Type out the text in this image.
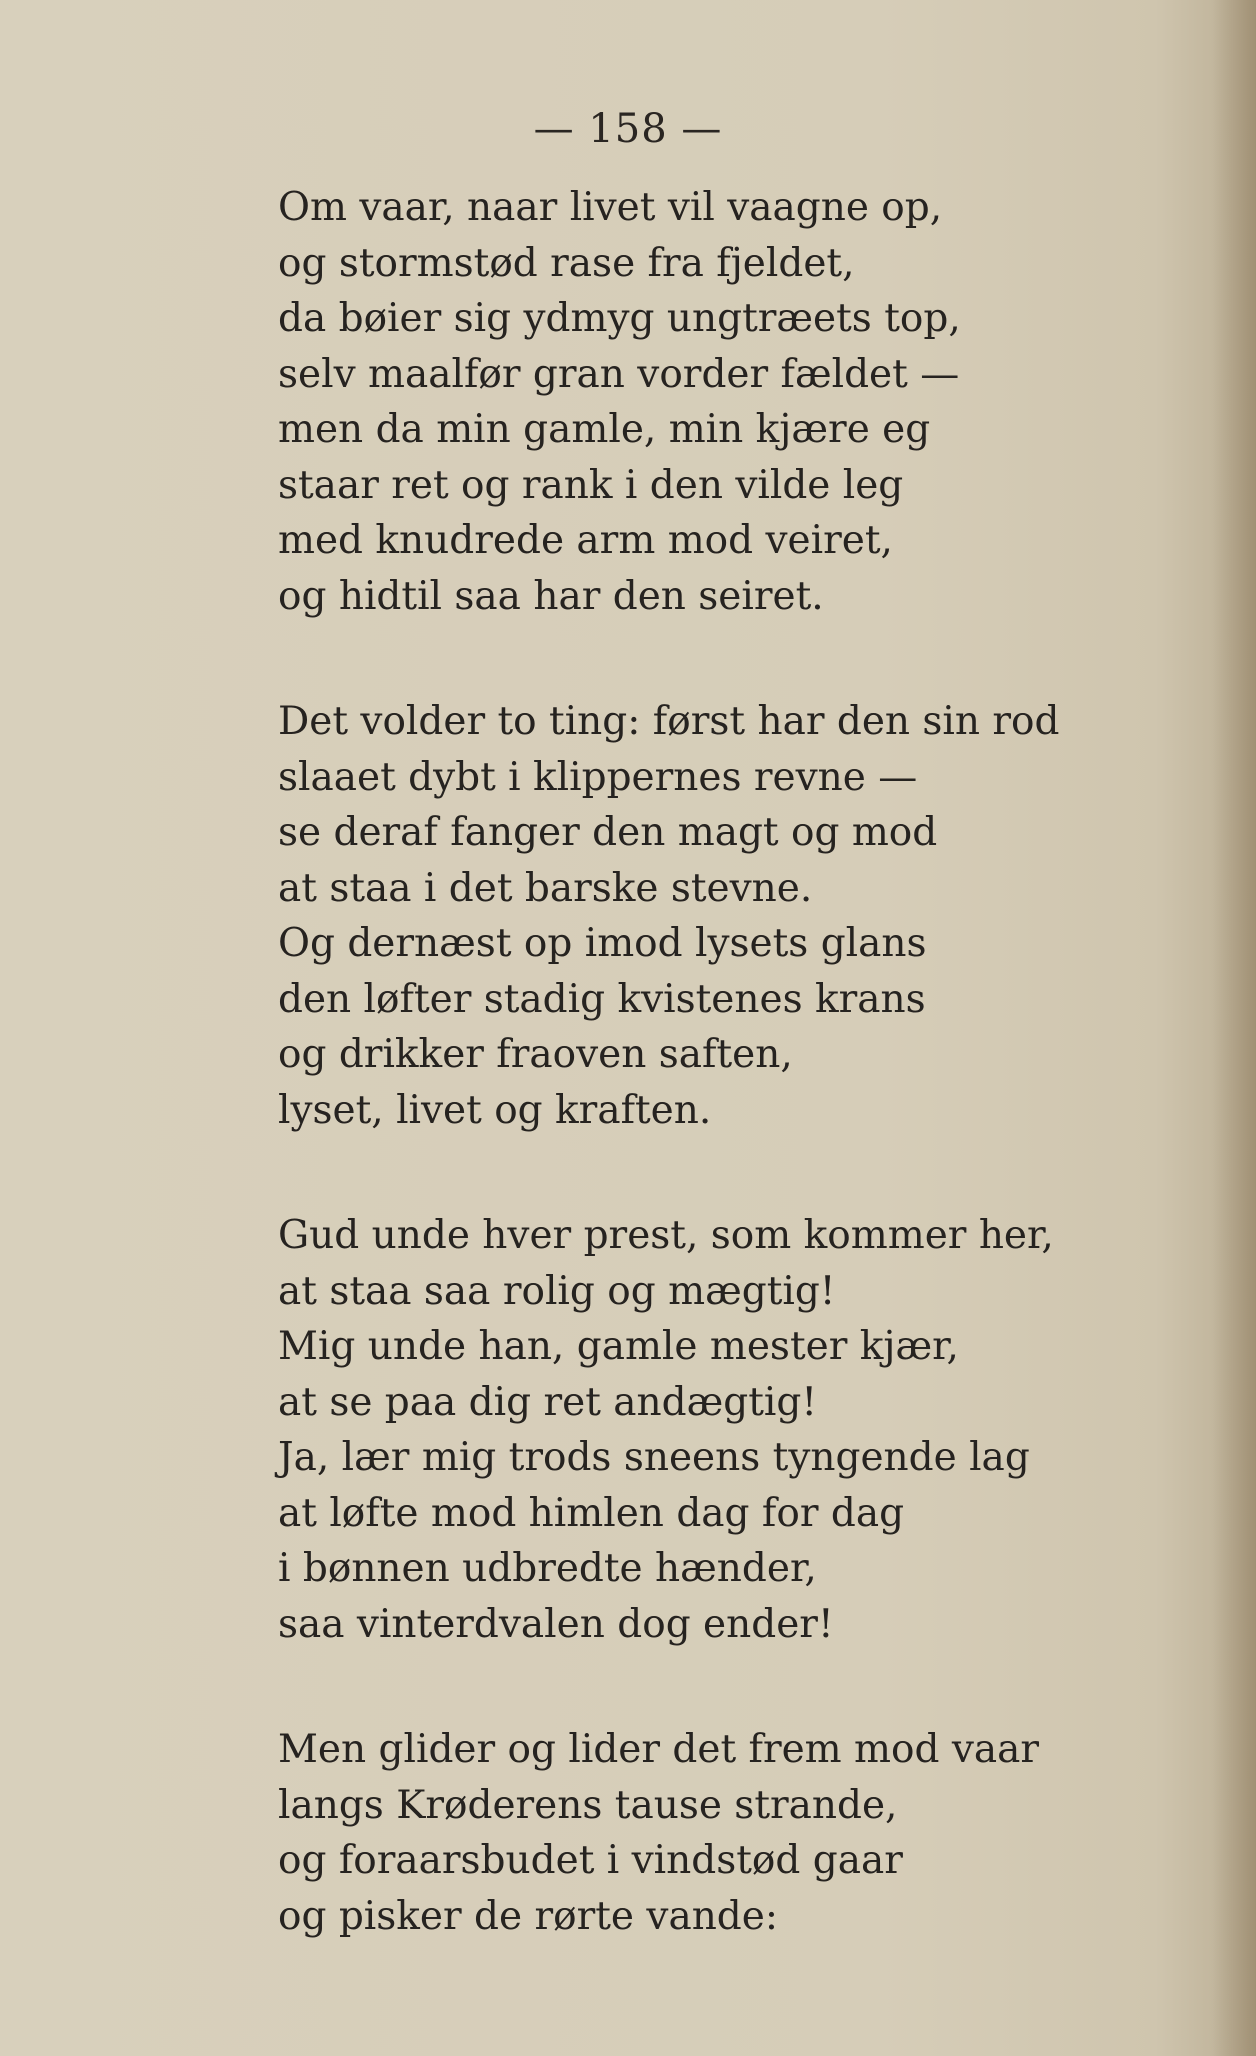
— 158 —
Om vaar, naar livet vil vaagne op,
og stormstød rase fra fjeldet,
da bøier sig ydmyg ungtræets top,
selv maalfør gran vorder fældet —
men da min gamle, min kjære eg
staar ret og rank i den vilde leg
med knudrede arm mod veiret,
og hidtil saa har den seiret.
Det volder to ting: først har den sin rod
slaaet dybt i klippernes revne —
se deraf fanger den magt og mod
at staa i det barske stevne.
Og dernæst op imod lysets glans
den løfter stadig kvistenes krans
og drikker fraoven saften,
lyset, livet og kraften.
Gud unde hver prest, som kommer her,
at staa saa rolig og mægtig!
Mig unde han, gamle mester kjær,
at se paa dig ret andægtig!
Ja, lær mig trods sneens tyngende lag
at løfte mod himlen dag for dag
i bønnen udbredte hænder,
saa vinterdvalen dog ender!
Men glider og lider det frem mod vaar
langs Krøderens tause strande,
og foraarsbudet i vindstød gaar
og pisker de rørte vande:
